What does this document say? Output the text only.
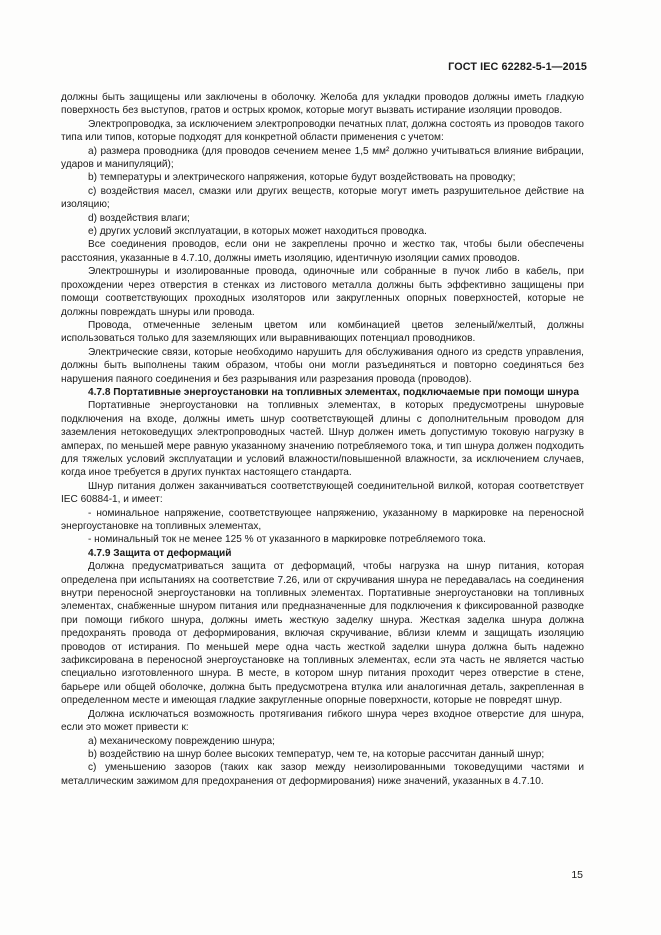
ГОСТ IEC 62282-5-1—2015

должны быть защищены или заключены в оболочку. Желоба для укладки проводов должны иметь гладкую поверхность без выступов, гратов и острых кромок, которые могут вызвать истирание изоляции проводов.

Электропроводка, за исключением электропроводки печатных плат, должна состоять из проводов такого типа или типов, которые подходят для конкретной области применения с учетом:

a) размера проводника (для проводов сечением менее 1,5 мм² должно учитываться влияние вибрации, ударов и манипуляций);

b) температуры и электрического напряжения, которые будут воздействовать на проводку;

c) воздействия масел, смазки или других веществ, которые могут иметь разрушительное действие на изоляцию;

d) воздействия влаги;

e) других условий эксплуатации, в которых может находиться проводка.

Все соединения проводов, если они не закреплены прочно и жестко так, чтобы были обеспечены расстояния, указанные в 4.7.10, должны иметь изоляцию, идентичную изоляции самих проводов.

Электрошнуры и изолированные провода, одиночные или собранные в пучок либо в кабель, при прохождении через отверстия в стенках из листового металла должны быть эффективно защищены при помощи соответствующих проходных изоляторов или закругленных опорных поверхностей, которые не должны повреждать шнуры или провода.

Провода, отмеченные зеленым цветом или комбинацией цветов зеленый/желтый, должны использоваться только для заземляющих или выравнивающих потенциал проводников.

Электрические связи, которые необходимо нарушить для обслуживания одного из средств управления, должны быть выполнены таким образом, чтобы они могли разъединяться и повторно соединяться без нарушения паяного соединения и без разрывания или разрезания провода (проводов).

4.7.8 Портативные энергоустановки на топливных элементах, подключаемые при помощи шнура

Портативные энергоустановки на топливных элементах, в которых предусмотрены шнуровые подключения на входе, должны иметь шнур соответствующей длины с дополнительным проводом для заземления нетоковедущих электропроводных частей. Шнур должен иметь допустимую токовую нагрузку в амперах, по меньшей мере равную указанному значению потребляемого тока, и тип шнура должен подходить для тяжелых условий эксплуатации и условий влажности/повышенной влажности, за исключением случаев, когда иное требуется в других пунктах настоящего стандарта.

Шнур питания должен заканчиваться соответствующей соединительной вилкой, которая соответствует IEC 60884-1, и имеет:

- номинальное напряжение, соответствующее напряжению, указанному в маркировке на переносной энергоустановке на топливных элементах,

- номинальный ток не менее 125 % от указанного в маркировке потребляемого тока.

4.7.9 Защита от деформаций

Должна предусматриваться защита от деформаций, чтобы нагрузка на шнур питания, которая определена при испытаниях на соответствие 7.26, или от скручивания шнура не передавалась на соединения внутри переносной энергоустановки на топливных элементах. Портативные энергоустановки на топливных элементах, снабженные шнуром питания или предназначенные для подключения к фиксированной разводке при помощи гибкого шнура, должны иметь жесткую заделку шнура. Жесткая заделка шнура должна предохранять провода от деформирования, включая скручивание, вблизи клемм и защищать изоляцию проводов от истирания. По меньшей мере одна часть жесткой заделки шнура должна быть надежно зафиксирована в переносной энергоустановке на топливных элементах, если эта часть не является частью специально изготовленного шнура. В месте, в котором шнур питания проходит через отверстие в стене, барьере или общей оболочке, должна быть предусмотрена втулка или аналогичная деталь, закрепленная в определенном месте и имеющая гладкие закругленные опорные поверхности, которые не повредят шнур.

Должна исключаться возможность протягивания гибкого шнура через входное отверстие для шнура, если это может привести к:

a) механическому повреждению шнура;

b) воздействию на шнур более высоких температур, чем те, на которые рассчитан данный шнур;

c) уменьшению зазоров (таких как зазор между неизолированными токоведущими частями и металлическим зажимом для предохранения от деформирования) ниже значений, указанных в 4.7.10.

15
